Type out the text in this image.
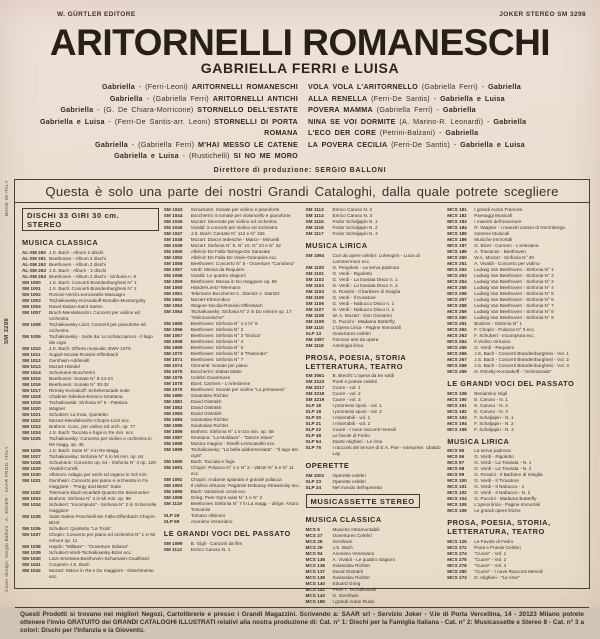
W. GÜRTLER EDITORE	JOKER STEREO SM 3298
ARITORNELLI ROMANESCHI
GABRIELLA FERRI e LUISA
Gabriella - (Ferri-Leoni) ARITORNELLI ROMANESCHI
Gabriella - (Gabriella Ferri) ARITORNELLI ANTICHI
Gabriella - (G. De Chiara-Morricone) STORNELLO DELL'ESTATE
Gabriella e Luisa - (Ferri-De Santis-arr. Leoni) STORNELLI DI PORTA ROMANA
Gabriella - (Gabriella Ferri) M'HAI MESSO LE CATENE
Gabriella e Luisa - (Rustichelli) SI NO ME MORO
VOLA VOLA L'ARITORNELLO (Gabriella Ferri) - Gabriella
ALLA RENELLA (Ferri-De Santis) - Gabriella e Luisa
POVERA MAMMA (Gabriella Ferri) - Gabriella
NINA SE VOI DORMITE (A. Marino-R. Leonardi) - Gabriella
L'ECO DER CORE (Petrini-Balzani) - Gabriella
LA POVERA CECILIA (Ferri-De Santis) - Gabriella e Luisa
Direttore di produzione: SERGIO BALLONI
Questa è solo una parte dei nostri Grandi Cataloghi, dalla quale potrete scegliere
DISCHI 33 GIRI 30 cm. STEREO
MUSICA CLASSICA
AL-SM 260 J.S. Bach - Album 2 dischi
AL-SM 261 Beethoven - Album 2 dischi
AL-SM 262 Beethoven - Album 2 dischi
AL-SM 263 J.S. Bach - Album - 2 dischi
AL-SM 264 Beethoven - Album 2 dischi - Sinfonia n. 9
SM 1000	J.S. Bach: Concerti Brandenburghesi N° 1
SM 1001	J.S. Bach: Concerti Brandenburghesi N° 2
SM 1002	Rossini-Verdi-Leoncavallo-Mascagni
SM 1003	Tschaikowsky-Korssakoff-Borodin-Mussorgsky
SM 1004	Ravel-Dukas-Saint Saëns
SM 1007	Bruch-Mendelssohn: Concerti per violino ed orchestra
SM 1008	Tschaikowsky-Liszt: Concerti per pianoforte ed orchestra
SM 1009	Tschaikowsky - Suite da: Lo schiaccianoci - Il lago dei cigni
SM 1010	J.S. Bach: Offerta musicale, BWV 1079
SM 1011	Suppé-Nicolai-Rossini-Offenbach
SM 1012	Gershwin-Addinsell
SM 1013	Mozart-Händel
SM 1014	Schumann-Boccherini
SM 1015	Beethoven: Sonate N° 8-14-23
SM 1016	Beethoven: Sonate N° 30-32
SM 1017	Rimsky-Korsakoff: Scheherazade suite
SM 1018	Chabrier-Sibelius-Enesco-Smetana
SM 1019	Tschaikowski: Sinfonia N° 6 - Patetica
SM 1020	Wagner
SM 1021	Schubert: La trota, Quintetto
SM 1022	Mozart-Mendelssohn-Chopin-Liszt ecc.
SM 1023	Brahms: Conc. per violino ed orch. op. 77
SM 1024	J.S. Bach: Toccata e fuga in Re min. ecc.
SM 1025	Tschaikowsky: Concerto per violino e orchestra in Re magg. op. 35
SM 1026	J.S. Bach: Suite N° 3 in Re Magg.
SM 1027	Tschaikowsky: Sinfonia N° 5 in Mi min. op. 64
SM 1028	Schumann: Concerto op. 54 - Sinfonia N° 4 op. 120
SM 1029	Vivaldi-Corelli
SM 1030	Albinoni: Adagio per archi ed organo in Sol min.
SM 1031	Gershwin: Concerto per piano e orchestra in Fa maggiore - "Porgy and Bess" Suite
SM 1032	Telemann-Bach-Scarlatti-Quantz-De Boismortier
SM 1033	Brahms: Sinfonia N° 4 in Mi min. op. 98
SM 1034	Schubert: "Incompiuta" - Sinfonia N° 2 in Si bemolle maggiore
SM 1035	Saint Saëns-Ponchielli-De Falla-Offenbach-Chopin-Bizet
SM 1036	Schubert: Quintetto "La Trota"
SM 1037	Chopin: Concerto per piano ed orchestra N° 1 in Mi minore op. 11
SM 1038	Haydn: "Militare" - "Ouverture Italiana"
SM 1039	Schubert-Verdi-Tschaikowsky-Bizet ecc.
SM 1040	Liszt-Smetana-Beethoven-Schumann-Coulthard
SM 1041	Couperin-J.S. Bach
SM 1042	Mozart: Marce in Re e Do maggiore - Divertimento ecc.
SM 1043	Schumann: Sonate per violino e pianoforte
SM 1044	Boccherini: 6 sonate per violoncello e pianoforte
SM 1045	Mozart: Serenate per violino ed orchestra
SM 1046	Vivaldi: 5 concerti per violino ed orchestra
SM 1047	J.S. Bach: Cantate N° 112 e N° 165
SM 1048	Mozart: Danze tedesche - Marce - Minuetti
SM 1049	Mozart: Sinfonia N° 8, N° 10, N° 23 e N° 32
SM 1050	Albéniz-De Falla-Tarrega-De Sarasate
SM 1052	Albéniz-De Falla-De Visée-Granados ecc.
SM 1056	Beethoven: Concerto N° 5 - Ouverture "Coriolano"
SM 1057	Verdi: Messa da Requiem
SM 1058	Vivaldi: Le quattro stagioni
SM 1059	Beethoven: Messa in Do maggiore op. 86
SM 1060	Händel-Lentz-Telemann
SM 1061	Telemann-Boccherini-C. Stamitz-J. Stamitz
SM 1062	Mozart-Khrennikov
SM 1063	Wagner-Nicolai-Rossini-Offenbach
SM 1064	Tschaikowsky: Sinfonia N° 2 in Do minore op. 17 "Kleinrussische"
SM 1065	Beethoven: Sinfonia N° 1 e N° 8
SM 1066	Beethoven: Sinfonia N° 2
SM 1067	Beethoven: Sinfonia N° 3 "Eroica"
SM 1068	Beethoven: Sinfonia N° 4
SM 1069	Beethoven: Sinfonia N° 5
SM 1070	Beethoven: Sinfonia N° 6 "Pastorale"
SM 1071	Beethoven: Sinfonia N° 7
SM 1074	Clementi: Sonate per piano
SM 1075	Boccherini: Stabat Mater
SM 1076	Celebri Ouvertures
SM 1078	Bizet: Carmen - L'Arlesienne
SM 1079	Beethoven: Sonate per violino "La primavera"
SM 1080	Sviatoslav Richter
SM 1081	David Oistrakh
SM 1082	David Oistrakh
SM 1083	David Oistrakh
SM 1084	Sviatoslav Richter
SM 1085	Sviatoslav Richter
SM 1086	Brahms: Sinfonia N° 1 in Do min. op. 68
SM 1087	Smetana: "La Moldava" - "Danze Slave"
SM 1088	Musica magica - Toselli-Leoncavallo ecc.
SM 1089	Tschaikowsky: "La bella addormentata" - "Il lago dei cigni"
SM 1090	Bach: Toccata e fuga
SM 1091	Chopin: Polacca N° 1 e N° 2 - Valzer N° 6 e N° 11 ecc.
SM 1092	Chopin: Andante spianato e grande polacca
SM 1093	Il violino virtuoso: Paganini-Debussy-Strawinsky ecc.
SM 1095	Bach: Variazioni corali ecc.
SM 1096	Grieg: Peer-Gynt suite N° 1 e N° 2
SM 1119	Beethoven Sinfonia N° 7 in La magg. - dirige: Arturo Toscanini
SLP 29	Tomaso Albinoni
SLP 65	Anonimo Veneziano
LE GRANDI VOCI DEL PASSATO
SM 1099	B. Gigli - Canzoni da film
SM 1112	Enrico Caruso N. 1
SM 1113	Enrico Caruso N. 2
SM 1114	Enrico Caruso N. 3
SM 1115	Fedor Schaljapin N. 1
SM 1116	Fedor Schaljapin N. 2
SM 1117	Fedor Schaljapin N. 3
MUSICA LIRICA
SM 1094	Cori da opere celebri: Lohengrin - Lucia di Lammermoor ecc.
SM 1100	G. Pergolesi - La serva padrona
SM 1101	G. Verdi - Rigoletto
SM 1102	G. Verdi - La traviata Disco n. 1
SM 1103	G. Verdi - La traviata Disco n. 2
SM 1104	G. Rossini - Il barbiere di Siviglia
SM 1105	G. Verdi - Il trovatore
SM 1106	G. Verdi - Nabucco Disco n. 1
SM 1107	G. Verdi - Nabucco Disco n. 2
SM 1108	W. A. Mozart - Don Giovanni
SM 1109	G. Puccini - Madama Butterfly
SM 1110	L'Opera Lirica - Pagine Immortali
SLP 13	Ouvertures celebri
SM 1097	Famose arie da opera
SM 1118	Antologia lirica
PROSA, POESIA, STORIA LETTERATURA, TEATRO
SM 3061	B. Brecht: L'opera da tre soldi
SM 3123	Poeti e poesie celebri
SM 3217	Cuore - vol. 1
SM 3218	Cuore - vol. 2
SM 3219	Cuore - vol. 3
SLP 18	I promessi sposi - vol. 1
SLP 19	I promessi sposi - vol. 2
SLP 20	I miserabili - vol. 1
SLP 21	I miserabili - vol. 2
SLP 22	Cuore - I nove racconti mensili
SLP 49	Le favole di Fedro
SLP 54	Dante Alighieri - Le rime
SLP 75	I racconti del terrore di E.A. Poe - Interprete: Ubaldo Lay
OPERETTE
SM 3201	Operette celebri
SLP 23	Operette celebri
SLP 24	Nel mondo dell'operetta
MUSICASSETTE STEREO
MUSICA CLASSICA
MCS 5	Musiche Intramontabili
MCS 27	Ouvertures Celebri
MCS 28	Gershwin
MCS 29	J.S. Bach
MCS 94	Anonimo Veneziano
MCS 135	A. Vivaldi - Le quattro stagioni
MCS 136	Sviatoslav Richter
MCS 137	David Oistrakh
MCS 139	Sviatoslav Richter
MCS 140	Eduard Grieg
MCS 141	Peter I. Tschaikowski
MCS 142	G. Gershwin
MCS 180	I grandi Autori Russi
MCS 181	I grandi Autori Francesi
MCS 182	Paesaggi Musicali
MCS 183	I maestri dell'ouverture
MCS 184	R. Wagner - I maestri cantori di Norimberga
MCS 185	Gemme Musicali
MCS 186	Musiche Immortali
MCS 187	G. Bizet - Carmen - L'arlesiana
MCS 189	A. Toscanini - Beethoven
MCS 250	W.A. Mozart - Sinfonia N° 40
MCS 251	A. Vivaldi - Concerto per violino
MCS 252	Ludwig Van Beethoven - Sinfonia N° 1
MCS 253	Ludwig Van Beethoven - Sinfonia N° 2
MCS 254	Ludwig Van Beethoven - Sinfonia N° 3
MCS 255	Ludwig Van Beethoven - Sinfonia N° 4
MCS 256	Ludwig Van Beethoven - Sinfonia N° 5
MCS 257	Ludwig Van Beethoven - Sinfonia N° 6
MCS 258	Ludwig Van Beethoven - Sinfonia N° 7
MCS 259	Ludwig Van Beethoven - Sinfonia N° 8
MCS 260	Ludwig Van Beethoven - Sinfonia N° 9
MCS 261	Brahms - Sinfonia N° 1
MCS 262	F. Chopin - Polacca N° 3 ecc.
MCS 263	F. Schubert - Incompiuta ecc.
MCS 264	Il Violino Virtuoso
MCS 265	G. Verdi - Requiem
MCS 266	J.S. Bach - Concerti Brandenburghesi - Vol. 1
MCS 267	J.S. Bach - Concerti Brandenburghesi - Vol. 2
MCS 268	J.S. Bach - Concerti Brandenburghesi - Vol. 3
MCS 269	N. Rimsky-Korssakoff - "Scherazade"
LE GRANDI VOCI DEL PASSATO
MCS 108	Beniamino Gigli
MCS 190	E. Caruso - N. 1
MCS 191	E. Caruso - N. 2
MCS 192	E. Caruso - N. 3
MCS 193	F. Schaljapin - N. 1
MCS 194	F. Schaljapin - N. 2
MCS 195	F. Schaljapin - N. 3
MUSICA LIRICA
MCS 95	La serva padrona
MCS 96	G. Verdi - Rigoletto
MCS 97	G. Verdi - La Traviata - N. 1
MCS 98	G. Verdi - La Traviata - N. 2
MCS 99	G. Rossini - Il Barbiere di Siviglia
MCS 100	G. Verdi - Il Trovatore
MCS 101	G. Verdi - Il Nabucco - 1
MCS 102	G. Verdi - Il Nabucco - N. 2
MCS 104	G. Puccini - Madama Butterfly
MCS 105	L'opera lirica - Pagine Immortali
MCS 106	Le grandi opere liriche
PROSA, POESIA, STORIA, LETTERATURA, TEATRO
MCS 125	Le Favole di Fedro
MCS 272	Poeti e Poesie Celebri
MCS 274	"Cuore" - Vol. 1
MCS 275	"Cuore" - Vol. 2
MCS 276	"Cuore" - Vol. 3
MCS 280	"Cuore" - I nove Racconti Mensili
MCS 273	D. Alighieri - "Le rime"
Questi Prodotti si trovano nei migliori Negozi, Cartolibrerie e presso i Grandi Magazzini. Scrivendo a: SAAR srl - Servizio Joker - V.le di Porta Vercellina, 14 - 20123 Milano potrete ottenere l'invio GRATUITO dei GRANDI CATALOGHI ILLUSTRATI relativi alla nostra produzione di: Cat. n° 1: Dischi per la Famiglia Italiana - Cat. n° 2: Musicassette e Stereo 8 - Cat. n° 3 a colori: Dischi per l'Infanzia e la Gioventù.
MADE IN ITALY
SM 3298
Cover design: Sergio Balloni - A. JOKER - SAAR PROD. ITALY
